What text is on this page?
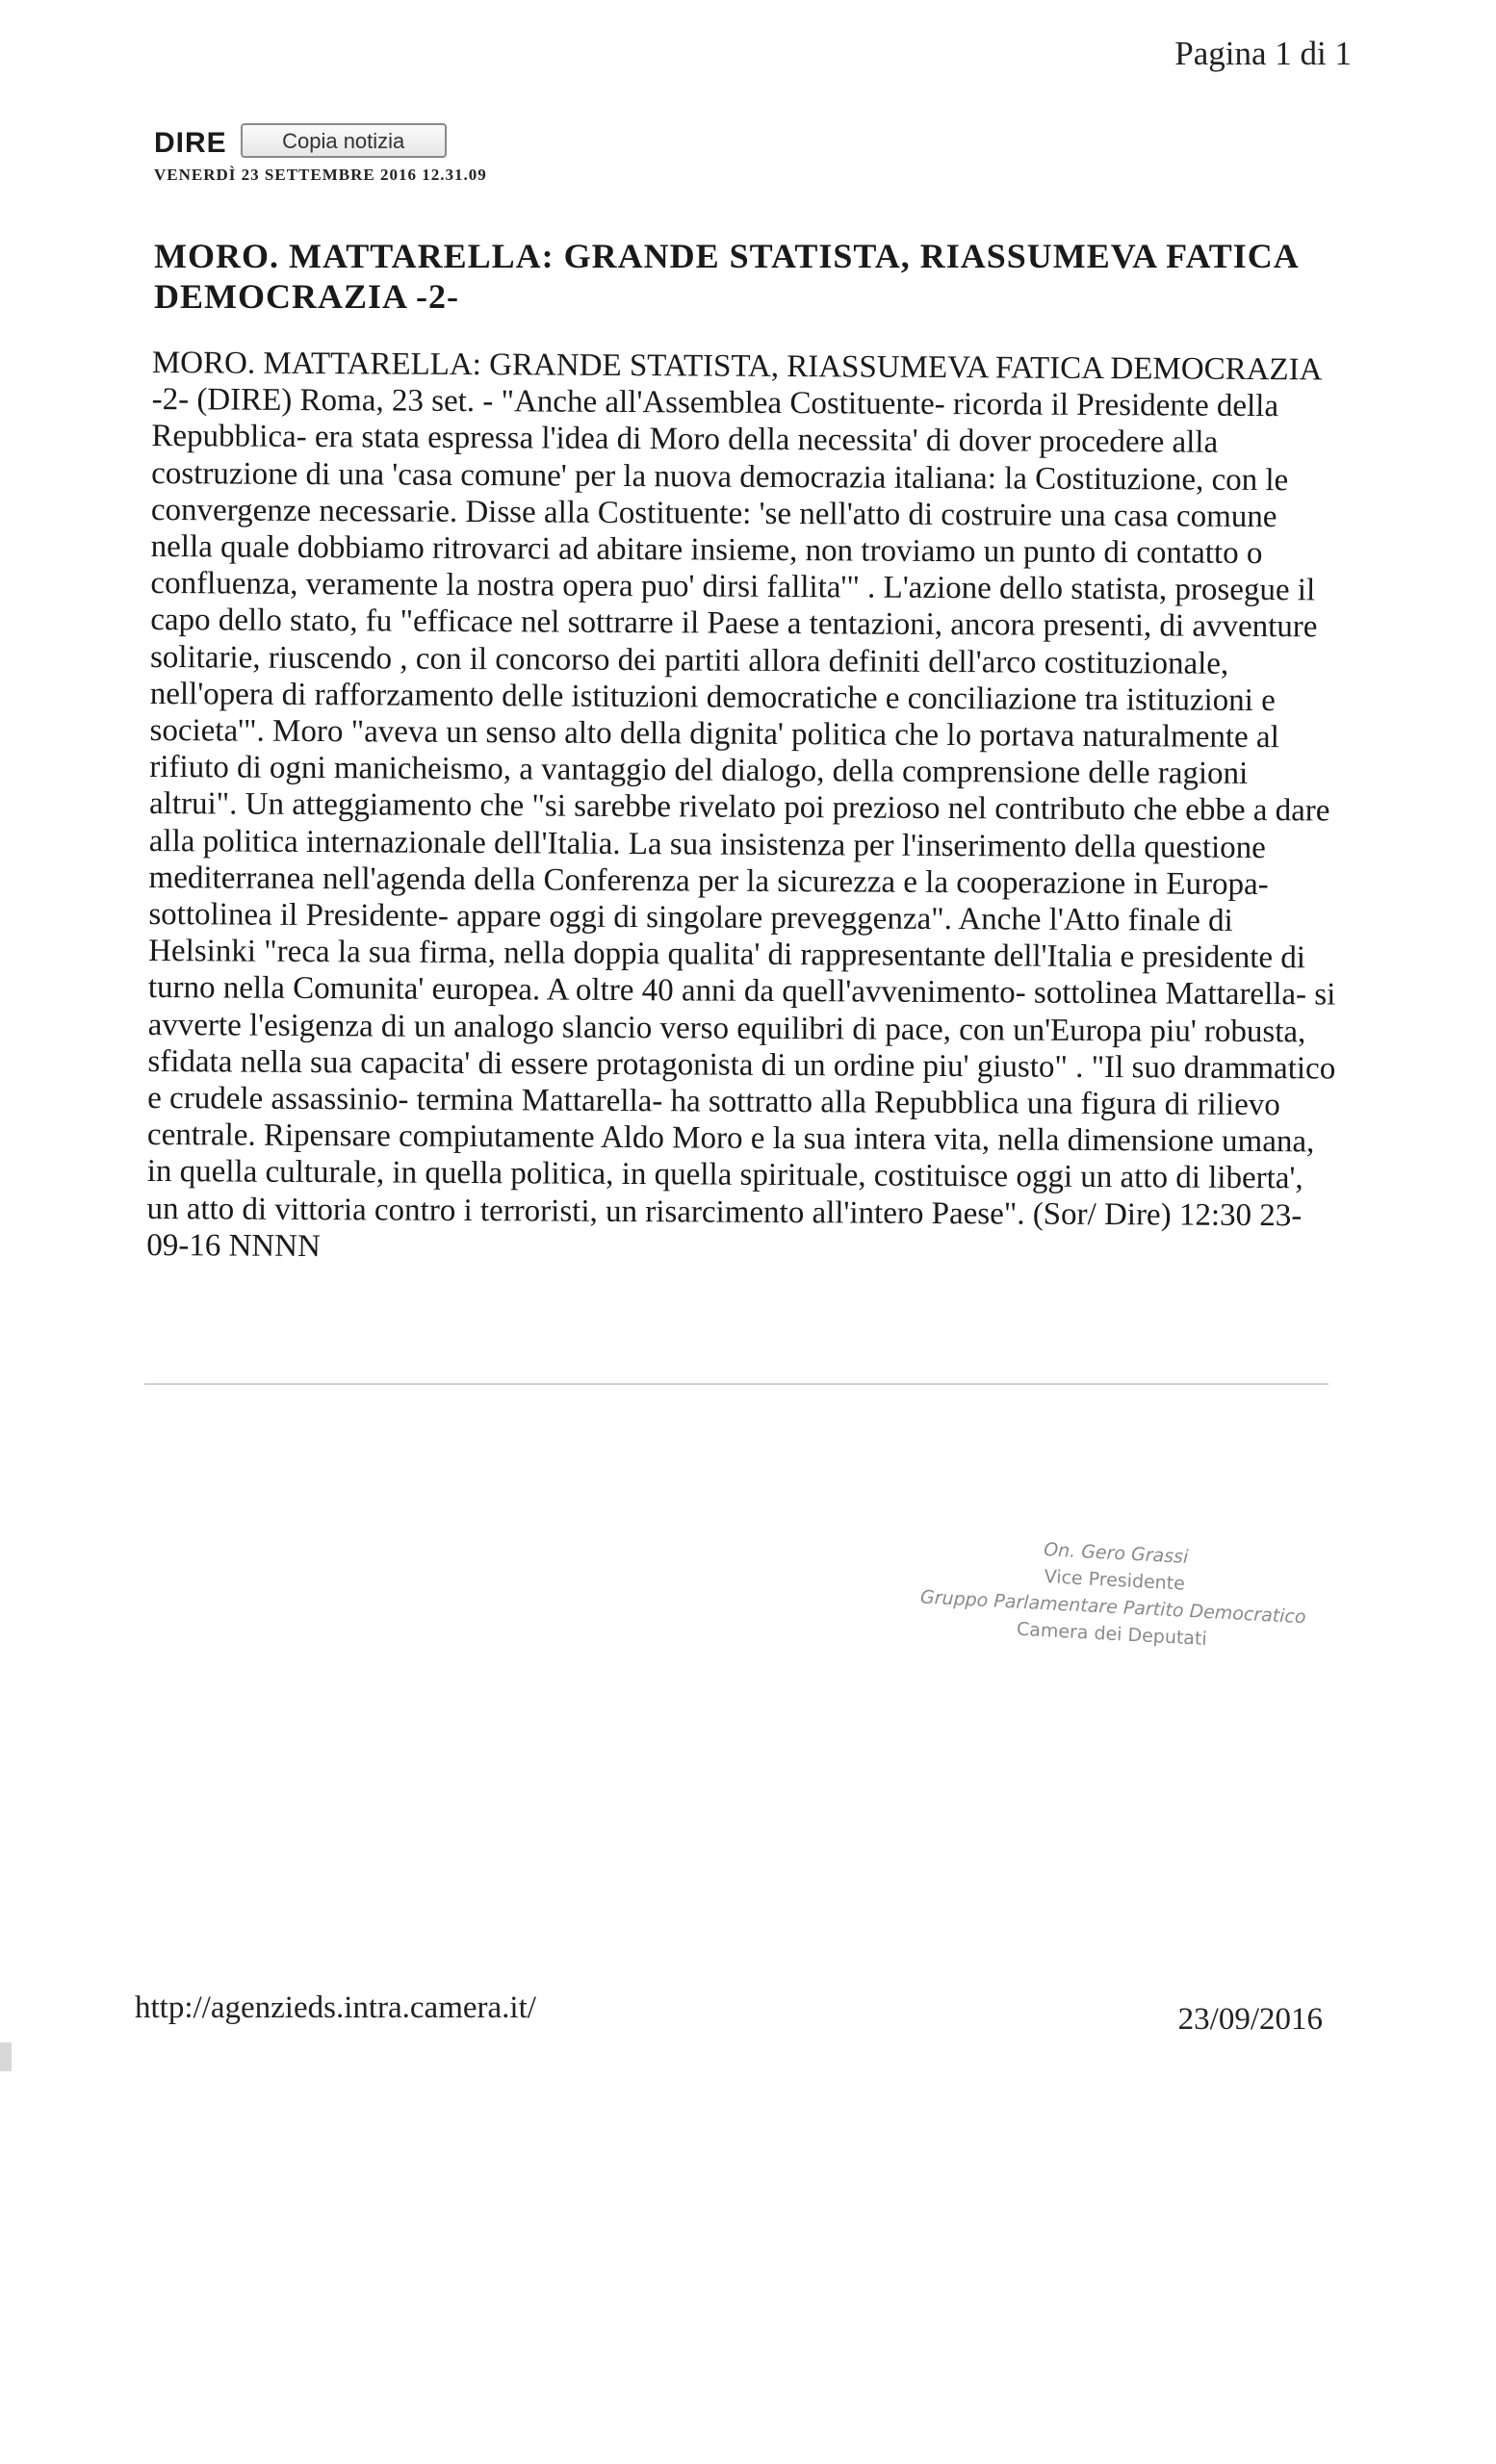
Pagina 1 di 1
DIRE	Copia notizia
VENERDÌ 23 SETTEMBRE 2016 12.31.09
MORO. MATTARELLA: GRANDE STATISTA, RIASSUMEVA FATICA DEMOCRAZIA -2-

MORO. MATTARELLA: GRANDE STATISTA, RIASSUMEVA FATICA DEMOCRAZIA -2- (DIRE) Roma, 23 set. - "Anche all'Assemblea Costituente- ricorda il Presidente della Repubblica- era stata espressa l'idea di Moro della necessita' di dover procedere alla costruzione di una 'casa comune' per la nuova democrazia italiana: la Costituzione, con le convergenze necessarie. Disse alla Costituente: 'se nell'atto di costruire una casa comune nella quale dobbiamo ritrovarci ad abitare insieme, non troviamo un punto di contatto o confluenza, veramente la nostra opera puo' dirsi fallita'" . L'azione dello statista, prosegue il capo dello stato, fu "efficace nel sottrarre il Paese a tentazioni, ancora presenti, di avventure solitarie, riuscendo , con il concorso dei partiti allora definiti dell'arco costituzionale, nell'opera di rafforzamento delle istituzioni democratiche e conciliazione tra istituzioni e societa'". Moro "aveva un senso alto della dignita' politica che lo portava naturalmente al rifiuto di ogni manicheismo, a vantaggio del dialogo, della comprensione delle ragioni altrui". Un atteggiamento che "si sarebbe rivelato poi prezioso nel contributo che ebbe a dare alla politica internazionale dell'Italia. La sua insistenza per l'inserimento della questione mediterranea nell'agenda della Conferenza per la sicurezza e la cooperazione in Europa- sottolinea il Presidente- appare oggi di singolare preveggenza". Anche l'Atto finale di Helsinki "reca la sua firma, nella doppia qualita' di rappresentante dell'Italia e presidente di turno nella Comunita' europea. A oltre 40 anni da quell'avvenimento- sottolinea Mattarella- si avverte l'esigenza di un analogo slancio verso equilibri di pace, con un'Europa piu' robusta, sfidata nella sua capacita' di essere protagonista di un ordine piu' giusto" . "Il suo drammatico e crudele assassinio- termina Mattarella- ha sottratto alla Repubblica una figura di rilievo centrale. Ripensare compiutamente Aldo Moro e la sua intera vita, nella dimensione umana, in quella culturale, in quella politica, in quella spirituale, costituisce oggi un atto di liberta', un atto di vittoria contro i terroristi, un risarcimento all'intero Paese". (Sor/ Dire) 12:30 23-09-16 NNNN

On. Gero Grassi
Vice Presidente
Gruppo Parlamentare Partito Democratico
Camera dei Deputati
http://agenzieds.intra.camera.it/	23/09/2016
